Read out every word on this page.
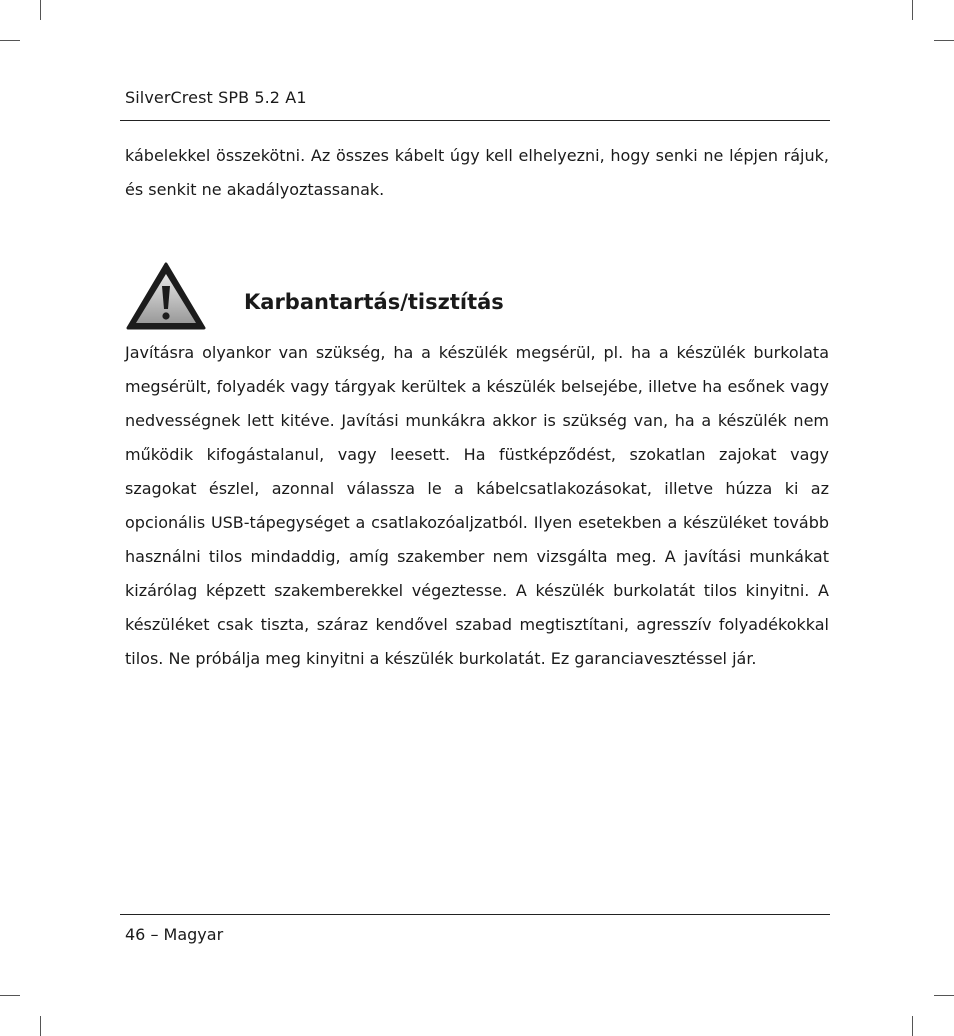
SilverCrest SPB 5.2 A1

kábelekkel összekötni. Az összes kábelt úgy kell elhelyezni, hogy senki ne lépjen rájuk, és senkit ne akadályoztassanak.

Karbantartás/tisztítás

Javításra olyankor van szükség, ha a készülék megsérül, pl. ha a készülék burkolata megsérült, folyadék vagy tárgyak kerültek a készülék belsejébe, illetve ha esőnek vagy nedvességnek lett kitéve. Javítási munkákra akkor is szükség van, ha a készülék nem működik kifogástalanul, vagy leesett. Ha füstképződést, szokatlan zajokat vagy szagokat észlel, azonnal válassza le a kábelcsatlakozásokat, illetve húzza ki az opcionális USB-tápegységet a csatlakozóaljzatból. Ilyen esetekben a készüléket tovább használni tilos mindaddig, amíg szakember nem vizsgálta meg. A javítási munkákat kizárólag képzett szakemberekkel végeztesse. A készülék burkolatát tilos kinyitni. A készüléket csak tiszta, száraz kendővel szabad megtisztítani, agresszív folyadékokkal tilos. Ne próbálja meg kinyitni a készülék burkolatát. Ez garanciavesztéssel jár.

46 – Magyar
